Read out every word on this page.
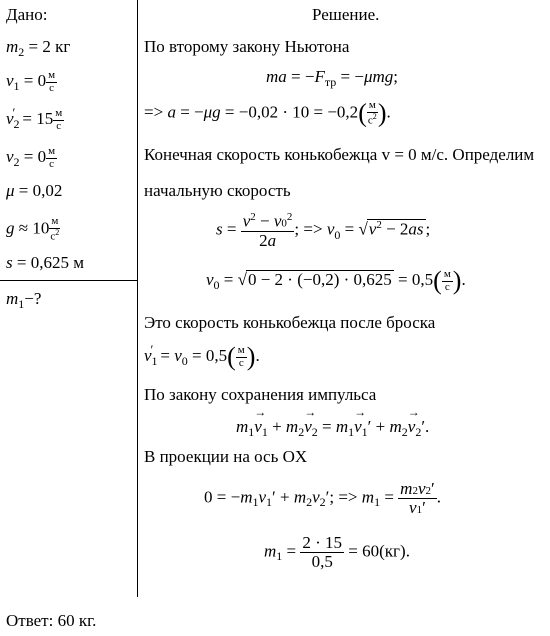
Дано:
$m_2 = 2$ кг
$v_1 = 0 \frac{м}{с}$
$v_2' = 15 \frac{м}{с}$
$v_2 = 0 \frac{м}{с}$
μ = 0,02
$g \approx 10 \frac{м}{с^2}$
s = 0,625 м
$m_1-$?
Решение.
По второму закону Ньютона
ma = $-F_{тр} = -\mu mg$;
=> $a = -\mu g = -0,02 \cdot 10 = -0,2( \frac{м}{с^2}$ ).
Конечная скорость конькобежца v = 0 м/с. Определим
начальную скорость
$s = \frac{v^2 - v0^2}{2a}$ ; => $v_0 = √v^2 - 2as$ ;
$v_0 = √0 - 2 \cdot (-0,2) \cdot 0,625 = 0,5( \frac{м}{с}$ ).
Это скорость конькобежца после броска
$v_1' = v_0 = 0,5( \frac{м}{с}$ ).
По закону сохранения импульса
$m_1\to v_1 + m_2\to v_2 = m_1\to v_1' + m_2\to v_2'$.
В проекции на ось OX
$0 = -m_1v_1' + m_2v_2'$; => $m_1 = \frac{m2v2'}{v1'}$ .
$m_1 = \frac{2 \cdot 15}{0,5} = 60(кг)$.
Ответ: 60 кг.
